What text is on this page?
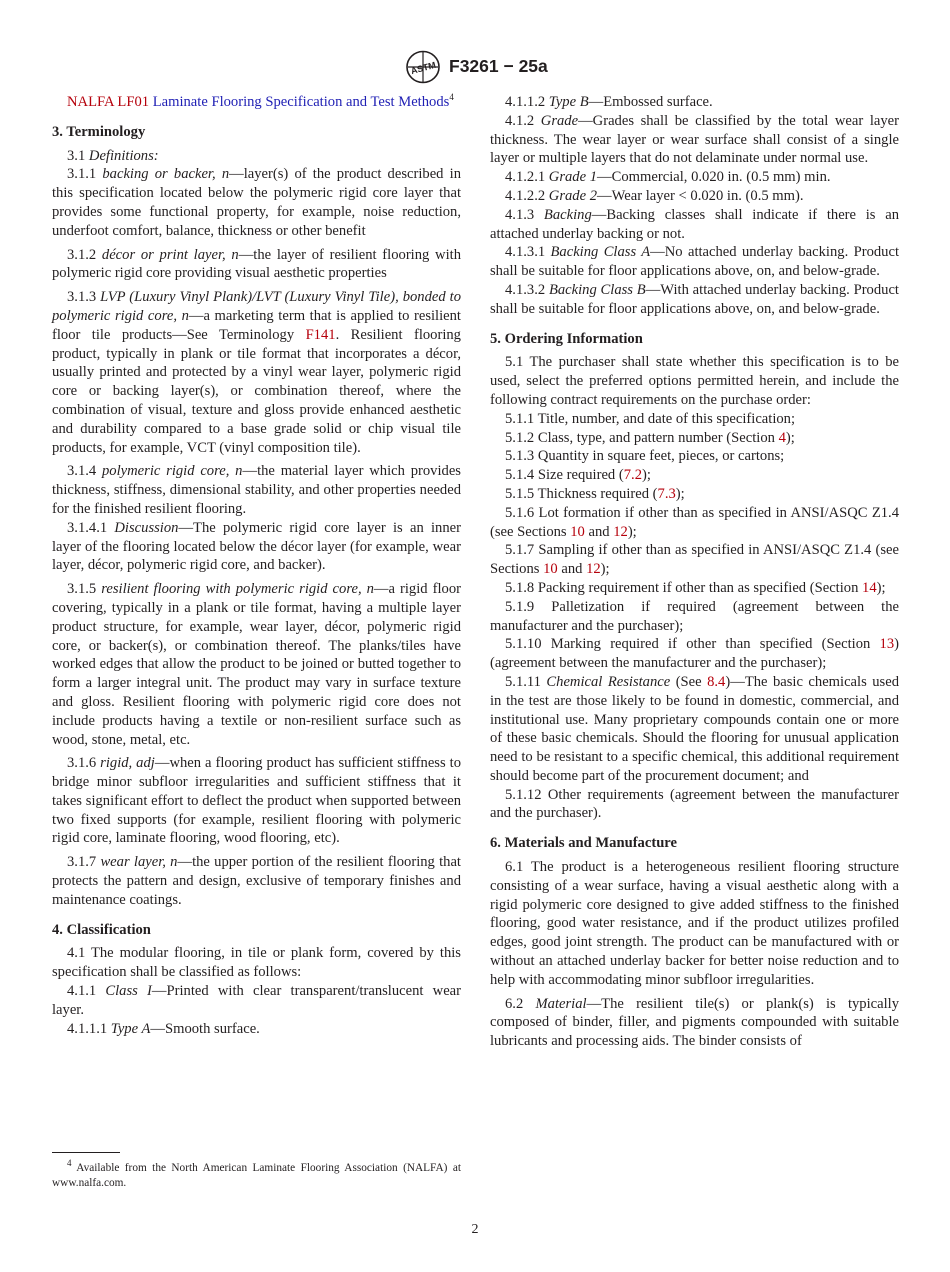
ASTM F3261 − 25a

NALFA LF01 Laminate Flooring Specification and Test Methods$^4$

3. Terminology

3.1 Definitions:

3.1.1 backing or backer, n—layer(s) of the product described in this specification located below the polymeric rigid core layer that provides some functional property, for example, noise reduction, underfoot comfort, balance, thickness or other benefit

3.1.2 décor or print layer, n—the layer of resilient flooring with polymeric rigid core providing visual aesthetic properties

3.1.3 LVP (Luxury Vinyl Plank)/LVT (Luxury Vinyl Tile), bonded to polymeric rigid core, n—a marketing term that is applied to resilient floor tile products—See Terminology F141. Resilient flooring product, typically in plank or tile format that incorporates a décor, usually printed and protected by a vinyl wear layer, polymeric rigid core or backing layer(s), or combination thereof, where the combination of visual, texture and gloss provide enhanced aesthetic and durability compared to a base grade solid or chip visual tile products, for example, VCT (vinyl composition tile).

3.1.4 polymeric rigid core, n—the material layer which provides thickness, stiffness, dimensional stability, and other properties needed for the finished resilient flooring.

3.1.4.1 Discussion—The polymeric rigid core layer is an inner layer of the flooring located below the décor layer (for example, wear layer, décor, polymeric rigid core, and backer).

3.1.5 resilient flooring with polymeric rigid core, n—a rigid floor covering, typically in a plank or tile format, having a multiple layer product structure, for example, wear layer, décor, polymeric rigid core, or backer(s), or combination thereof. The planks/tiles have worked edges that allow the product to be joined or butted together to form a larger integral unit. The product may vary in surface texture and gloss. Resilient flooring with polymeric rigid core does not include products having a textile or non-resilient surface such as wood, stone, metal, etc.

3.1.6 rigid, adj—when a flooring product has sufficient stiffness to bridge minor subfloor irregularities and sufficient stiffness that it takes significant effort to deflect the product when supported between two fixed supports (for example, resilient flooring with polymeric rigid core, laminate flooring, wood flooring, etc).

3.1.7 wear layer, n—the upper portion of the resilient flooring that protects the pattern and design, exclusive of temporary finishes and maintenance coatings.

4. Classification

4.1 The modular flooring, in tile or plank form, covered by this specification shall be classified as follows:

4.1.1 Class I—Printed with clear transparent/translucent wear layer.

4.1.1.1 Type A—Smooth surface.

4.1.1.2 Type B—Embossed surface.

4.1.2 Grade—Grades shall be classified by the total wear layer thickness. The wear layer or wear surface shall consist of a single layer or multiple layers that do not delaminate under normal use.

4.1.2.1 Grade 1—Commercial, 0.020 in. (0.5 mm) min.

4.1.2.2 Grade 2—Wear layer < 0.020 in. (0.5 mm).

4.1.3 Backing—Backing classes shall indicate if there is an attached underlay backing or not.

4.1.3.1 Backing Class A—No attached underlay backing. Product shall be suitable for floor applications above, on, and below-grade.

4.1.3.2 Backing Class B—With attached underlay backing. Product shall be suitable for floor applications above, on, and below-grade.

5. Ordering Information

5.1 The purchaser shall state whether this specification is to be used, select the preferred options permitted herein, and include the following contract requirements on the purchase order:

5.1.1 Title, number, and date of this specification;

5.1.2 Class, type, and pattern number (Section 4);

5.1.3 Quantity in square feet, pieces, or cartons;

5.1.4 Size required (7.2);

5.1.5 Thickness required (7.3);

5.1.6 Lot formation if other than as specified in ANSI/ASQC Z1.4 (see Sections 10 and 12);

5.1.7 Sampling if other than as specified in ANSI/ASQC Z1.4 (see Sections 10 and 12);

5.1.8 Packing requirement if other than as specified (Section 14);

5.1.9 Palletization if required (agreement between the manufacturer and the purchaser);

5.1.10 Marking required if other than specified (Section 13) (agreement between the manufacturer and the purchaser);

5.1.11 Chemical Resistance (See 8.4)—The basic chemicals used in the test are those likely to be found in domestic, commercial, and institutional use. Many proprietary compounds contain one or more of these basic chemicals. Should the flooring for unusual application need to be resistant to a specific chemical, this additional requirement should become part of the procurement document; and

5.1.12 Other requirements (agreement between the manufacturer and the purchaser).

6. Materials and Manufacture

6.1 The product is a heterogeneous resilient flooring structure consisting of a wear surface, having a visual aesthetic along with a rigid polymeric core designed to give added stiffness to the finished flooring, good water resistance, and if the product utilizes profiled edges, good joint strength. The product can be manufactured with or without an attached underlay backer for better noise reduction and to help with accommodating minor subfloor irregularities.

6.2 Material—The resilient tile(s) or plank(s) is typically composed of binder, filler, and pigments compounded with suitable lubricants and processing aids. The binder consists of

$^4$ Available from the North American Laminate Flooring Association (NALFA) at www.nalfa.com.
2
